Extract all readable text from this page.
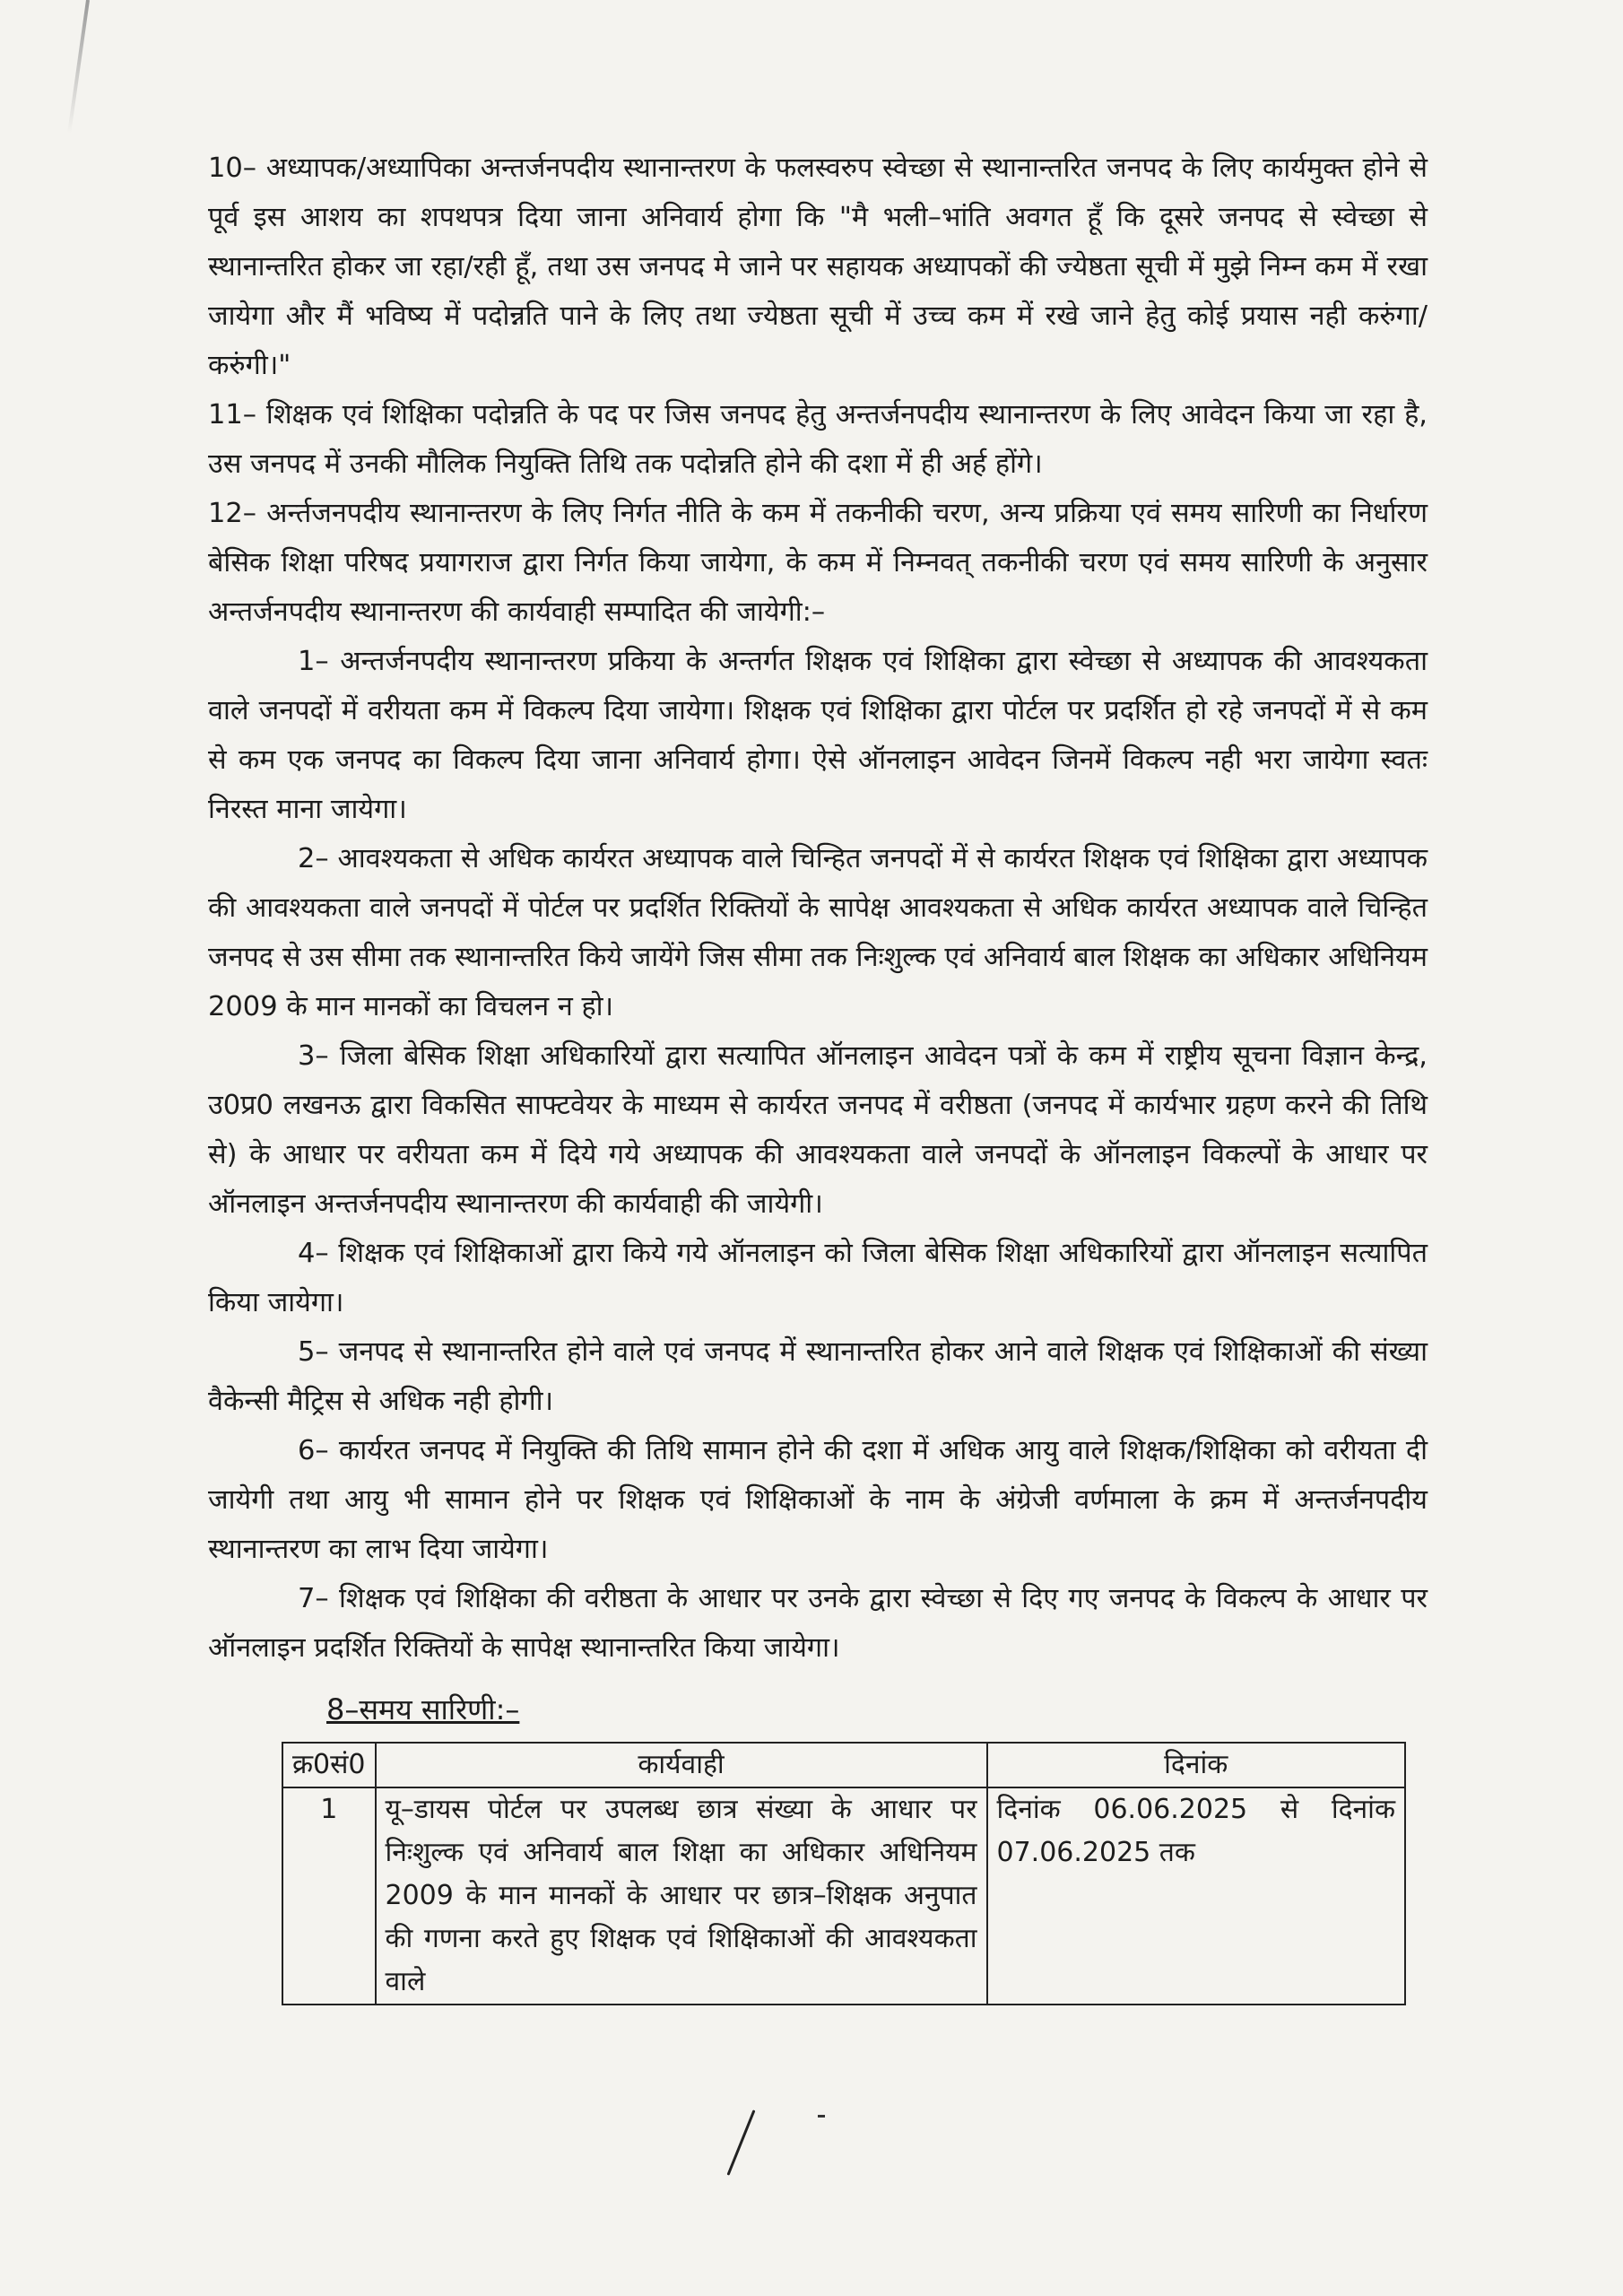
10– अध्यापक/अध्यापिका अन्तर्जनपदीय स्थानान्तरण के फलस्वरुप स्वेच्छा से स्थानान्तरित जनपद के लिए कार्यमुक्त होने से पूर्व इस आशय का शपथपत्र दिया जाना अनिवार्य होगा कि "मै भली–भांति अवगत हूँ कि दूसरे जनपद से स्वेच्छा से स्थानान्तरित होकर जा रहा/रही हूँ, तथा उस जनपद मे जाने पर सहायक अध्यापकों की ज्येष्ठता सूची में मुझे निम्न कम में रखा जायेगा और मैं भविष्य में पदोन्नति पाने के लिए तथा ज्येष्ठता सूची में उच्च कम में रखे जाने हेतु कोई प्रयास नही करुंगा/करुंगी।"

11– शिक्षक एवं शिक्षिका पदोन्नति के पद पर जिस जनपद हेतु अन्तर्जनपदीय स्थानान्तरण के लिए आवेदन किया जा रहा है, उस जनपद में उनकी मौलिक नियुक्ति तिथि तक पदोन्नति होने की दशा में ही अर्ह होंगे।

12– अर्न्तजनपदीय स्थानान्तरण के लिए निर्गत नीति के कम में तकनीकी चरण, अन्य प्रक्रिया एवं समय सारिणी का निर्धारण बेसिक शिक्षा परिषद प्रयागराज द्वारा निर्गत किया जायेगा, के कम में निम्नवत् तकनीकी चरण एवं समय सारिणी के अनुसार अन्तर्जनपदीय स्थानान्तरण की कार्यवाही सम्पादित की जायेगी:–

1– अन्तर्जनपदीय स्थानान्तरण प्रकिया के अन्तर्गत शिक्षक एवं शिक्षिका द्वारा स्वेच्छा से अध्यापक की आवश्यकता वाले जनपदों में वरीयता कम में विकल्प दिया जायेगा। शिक्षक एवं शिक्षिका द्वारा पोर्टल पर प्रदर्शित हो रहे जनपदों में से कम से कम एक जनपद का विकल्प दिया जाना अनिवार्य होगा। ऐसे ऑनलाइन आवेदन जिनमें विकल्प नही भरा जायेगा स्वतः निरस्त माना जायेगा।

2– आवश्यकता से अधिक कार्यरत अध्यापक वाले चिन्हित जनपदों में से कार्यरत शिक्षक एवं शिक्षिका द्वारा अध्यापक की आवश्यकता वाले जनपदों में पोर्टल पर प्रदर्शित रिक्तियों के सापेक्ष आवश्यकता से अधिक कार्यरत अध्यापक वाले चिन्हित जनपद से उस सीमा तक स्थानान्तरित किये जायेंगे जिस सीमा तक निःशुल्क एवं अनिवार्य बाल शिक्षक का अधिकार अधिनियम 2009 के मान मानकों का विचलन न हो।

3– जिला बेसिक शिक्षा अधिकारियों द्वारा सत्यापित ऑनलाइन आवेदन पत्रों के कम में राष्ट्रीय सूचना विज्ञान केन्द्र, उ0प्र0 लखनऊ द्वारा विकसित साफ्टवेयर के माध्यम से कार्यरत जनपद में वरीष्ठता (जनपद में कार्यभार ग्रहण करने की तिथि से) के आधार पर वरीयता कम में दिये गये अध्यापक की आवश्यकता वाले जनपदों के ऑनलाइन विकल्पों के आधार पर ऑनलाइन अन्तर्जनपदीय स्थानान्तरण की कार्यवाही की जायेगी।

4– शिक्षक एवं शिक्षिकाओं द्वारा किये गये ऑनलाइन को जिला बेसिक शिक्षा अधिकारियों द्वारा ऑनलाइन सत्यापित किया जायेगा।

5– जनपद से स्थानान्तरित होने वाले एवं जनपद में स्थानान्तरित होकर आने वाले शिक्षक एवं शिक्षिकाओं की संख्या वैकेन्सी मैट्रिस से अधिक नही होगी।

6– कार्यरत जनपद में नियुक्ति की तिथि सामान होने की दशा में अधिक आयु वाले शिक्षक/शिक्षिका को वरीयता दी जायेगी तथा आयु भी सामान होने पर शिक्षक एवं शिक्षिकाओं के नाम के अंग्रेजी वर्णमाला के क्रम में अन्तर्जनपदीय स्थानान्तरण का लाभ दिया जायेगा।

7– शिक्षक एवं शिक्षिका की वरीष्ठता के आधार पर उनके द्वारा स्वेच्छा से दिए गए जनपद के विकल्प के आधार पर ऑनलाइन प्रदर्शित रिक्तियों के सापेक्ष स्थानान्तरित किया जायेगा।

8–समय सारिणी:–
क्र0सं0	कार्यवाही	दिनांक
1	यू–डायस पोर्टल पर उपलब्ध छात्र संख्या के आधार पर निःशुल्क एवं अनिवार्य बाल शिक्षा का अधिकार अधिनियम 2009 के मान मानकों के आधार पर छात्र–शिक्षक अनुपात की गणना करते हुए शिक्षक एवं शिक्षिकाओं की आवश्यकता वाले	दिनांक 06.06.2025 से दिनांक 07.06.2025 तक
